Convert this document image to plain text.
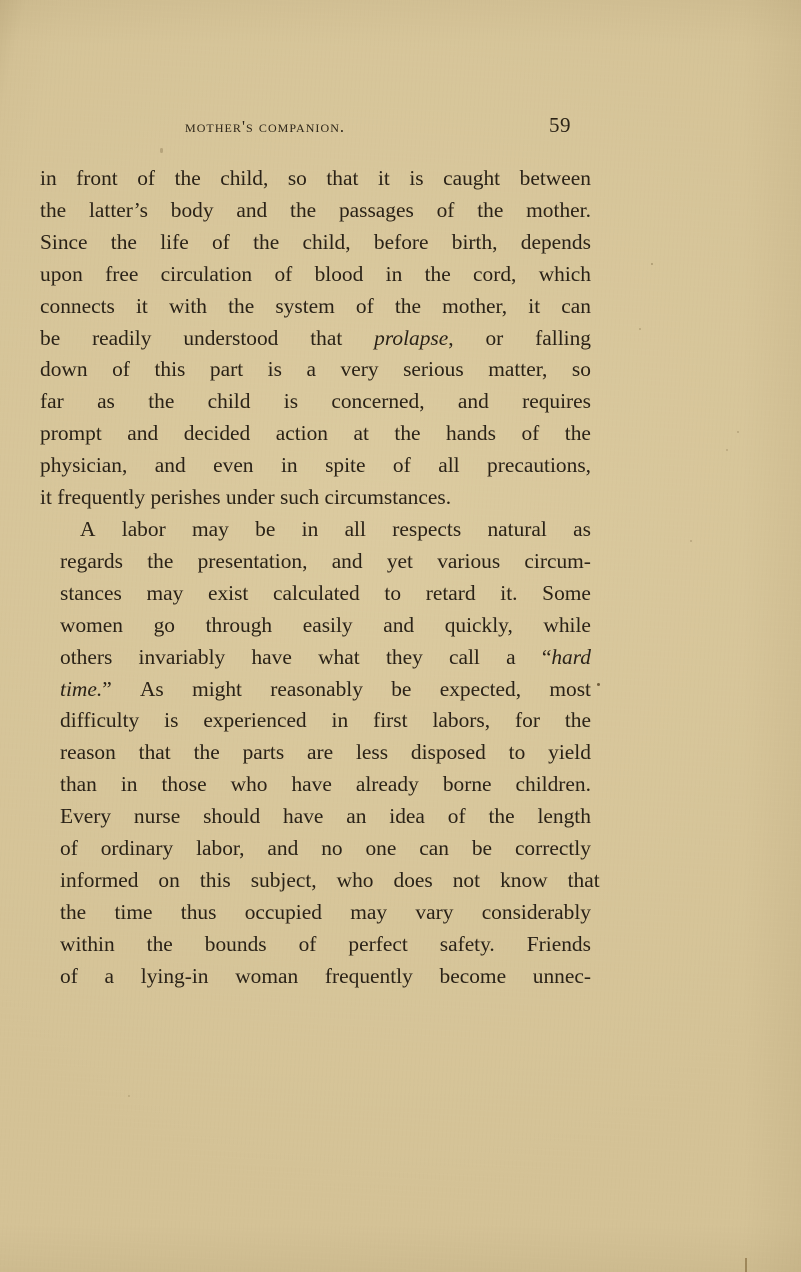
mother's companion.	59

in front of the child, so that it is caught between
the latter’s body and the passages of the mother.
Since the life of the child, before birth, depends
upon free circulation of blood in the cord, which
connects it with the system of the mother, it can
be readily understood that prolapse, or falling
down of this part is a very serious matter, so
far as the child is concerned, and requires
prompt and decided action at the hands of the
physician, and even in spite of all precautions,
it frequently perishes under such circumstances.

A	labor	may	be	in	all	respects	natural	as
regards	the	presentation,	and	yet	various	circum-
stances	may	exist	calculated	to	retard	it.	Some
women	go	through	easily	and	quickly,	while
others	invariably	have	what	they	call	a	“hard
time.”	As	might	reasonably	be	expected,	most
difficulty	is	experienced	in	first	labors,	for	the
reason	that	the	parts	are	less	disposed	to	yield
than	in	those	who	have	already	borne	children.
Every	nurse	should	have	an	idea	of	the	length
of	ordinary	labor,	and	no	one	can	be	correctly
informed on this subject, who does not know that
the	time	thus	occupied	may	vary	considerably
within	the	bounds	of	perfect	safety.	Friends
of	a	lying-in	woman	frequently	become	unnec-
